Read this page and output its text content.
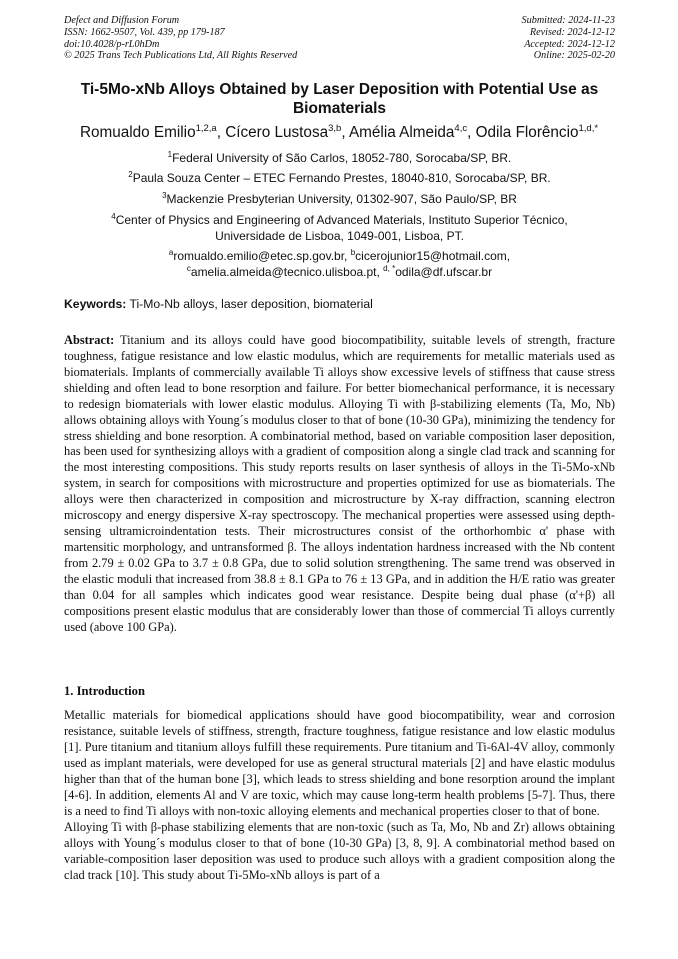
Defect and Diffusion Forum
ISSN: 1662-9507, Vol. 439, pp 179-187
doi:10.4028/p-rL0hDm
© 2025 Trans Tech Publications Ltd, All Rights Reserved
Submitted: 2024-11-23
Revised: 2024-12-12
Accepted: 2024-12-12
Online: 2025-02-20
Ti-5Mo-xNb Alloys Obtained by Laser Deposition with Potential Use as Biomaterials
Romualdo Emilio$^{1,2,a}$, Cícero Lustosa$^{3,b}$, Amélia Almeida$^{4,c}$, Odila Florêncio$^{1,d,*}$
$^1$Federal University of São Carlos, 18052-780, Sorocaba/SP, BR.
$^2$Paula Souza Center – ETEC Fernando Prestes, 18040-810, Sorocaba/SP, BR.
$^3$Mackenzie Presbyterian University, 01302-907, São Paulo/SP, BR
$^4$Center of Physics and Engineering of Advanced Materials, Instituto Superior Técnico, Universidade de Lisboa, 1049-001, Lisboa, PT.
$^a$romualdo.emilio@etec.sp.gov.br, $^b$cicerojunior15@hotmail.com, $^c$amelia.almeida@tecnico.ulisboa.pt, $^{d, *}$odila@df.ufscar.br
Keywords: Ti-Mo-Nb alloys, laser deposition, biomaterial
Abstract: Titanium and its alloys could have good biocompatibility, suitable levels of strength, fracture toughness, fatigue resistance and low elastic modulus, which are requirements for metallic materials used as biomaterials. Implants of commercially available Ti alloys show excessive levels of stiffness that cause stress shielding and often lead to bone resorption and failure. For better biomechanical performance, it is necessary to redesign biomaterials with lower elastic modulus. Alloying Ti with β-stabilizing elements (Ta, Mo, Nb) allows obtaining alloys with Young´s modulus closer to that of bone (10-30 GPa), minimizing the tendency for stress shielding and bone resorption. A combinatorial method, based on variable composition laser deposition, has been used for synthesizing alloys with a gradient of composition along a single clad track and scanning for the most interesting compositions. This study reports results on laser synthesis of alloys in the Ti-5Mo-xNb system, in search for compositions with microstructure and properties optimized for use as biomaterials. The alloys were then characterized in composition and microstructure by X-ray diffraction, scanning electron microscopy and energy dispersive X-ray spectroscopy. The mechanical properties were assessed using depth-sensing ultramicroindentation tests. Their microstructures consist of the orthorhombic α' phase with martensitic morphology, and untransformed β. The alloys indentation hardness increased with the Nb content from 2.79 ± 0.02 GPa to 3.7 ± 0.8 GPa, due to solid solution strengthening. The same trend was observed in the elastic moduli that increased from 38.8 ± 8.1 GPa to 76 ± 13 GPa, and in addition the H/E ratio was greater than 0.04 for all samples which indicates good wear resistance. Despite being dual phase (α'+β) all compositions present elastic modulus that are considerably lower than those of commercial Ti alloys currently used (above 100 GPa).
1. Introduction

Metallic materials for biomedical applications should have good biocompatibility, wear and corrosion resistance, suitable levels of stiffness, strength, fracture toughness, fatigue resistance and low elastic modulus [1]. Pure titanium and titanium alloys fulfill these requirements. Pure titanium and Ti-6Al-4V alloy, commonly used as implant materials, were developed for use as general structural materials [2] and have elastic modulus higher than that of the human bone [3], which leads to stress shielding and bone resorption around the implant [4-6]. In addition, elements Al and V are toxic, which may cause long-term health problems [5-7]. Thus, there is a need to find Ti alloys with non-toxic alloying elements and mechanical properties closer to that of bone.

Alloying Ti with β-phase stabilizing elements that are non-toxic (such as Ta, Mo, Nb and Zr) allows obtaining alloys with Young´s modulus closer to that of bone (10-30 GPa) [3, 8, 9]. A combinatorial method based on variable-composition laser deposition was used to produce such alloys with a gradient composition along the clad track [10]. This study about Ti-5Mo-xNb alloys is part of a
